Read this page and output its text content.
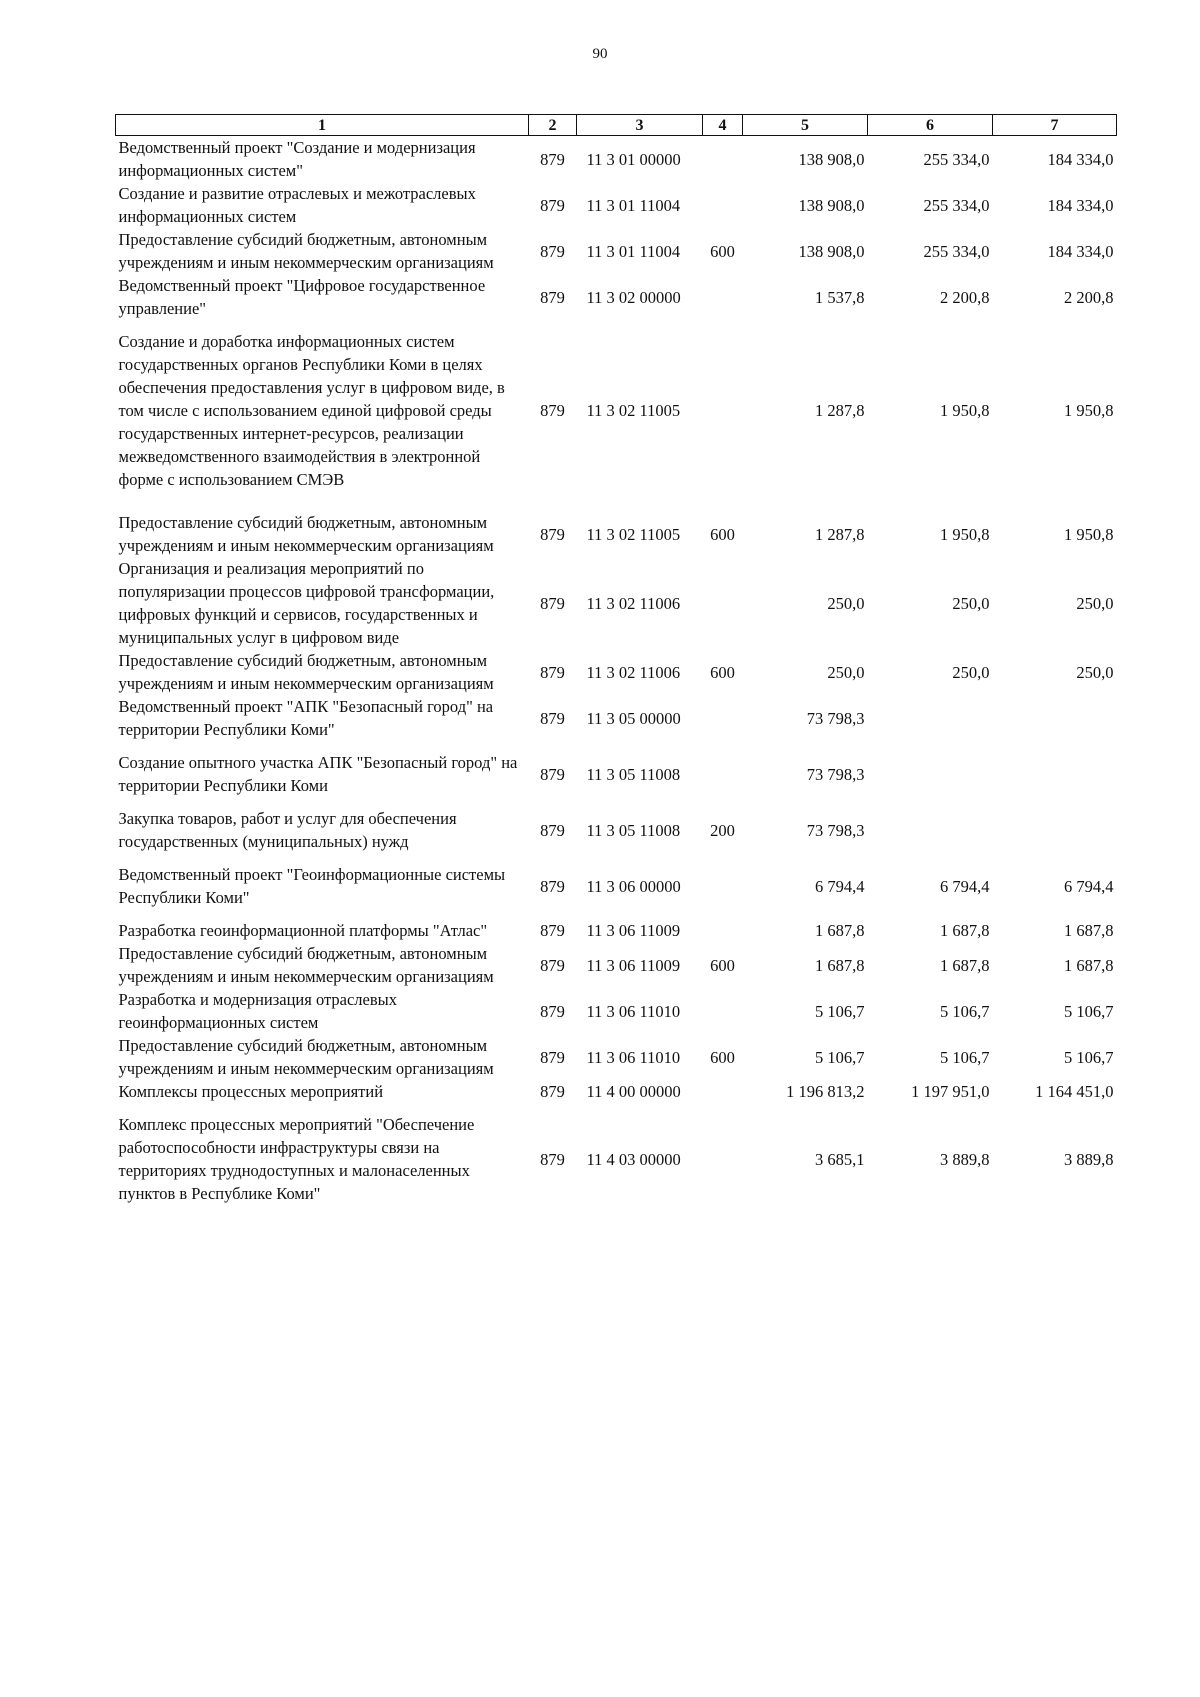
90
1	2	3	4	5	6	7
Ведомственный проект "Создание и модернизация информационных систем"	879	11 3 01 00000		138 908,0	255 334,0	184 334,0
Создание и развитие отраслевых и межотраслевых информационных систем	879	11 3 01 11004		138 908,0	255 334,0	184 334,0
Предоставление субсидий бюджетным, автономным учреждениям и иным некоммерческим организациям	879	11 3 01 11004	600	138 908,0	255 334,0	184 334,0
Ведомственный проект "Цифровое государственное управление"	879	11 3 02 00000		1 537,8	2 200,8	2 200,8
Создание и доработка информационных систем государственных органов Республики Коми в целях обеспечения предоставления услуг в цифровом виде, в том числе с использованием единой цифровой среды государственных интернет-ресурсов, реализации межведомственного взаимодействия в электронной форме с использованием СМЭВ	879	11 3 02 11005		1 287,8	1 950,8	1 950,8
Предоставление субсидий бюджетным, автономным учреждениям и иным некоммерческим организациям	879	11 3 02 11005	600	1 287,8	1 950,8	1 950,8
Организация и реализация мероприятий по популяризации процессов цифровой трансформации, цифровых функций и сервисов, государственных и муниципальных услуг в цифровом виде	879	11 3 02 11006		250,0	250,0	250,0
Предоставление субсидий бюджетным, автономным учреждениям и иным некоммерческим организациям	879	11 3 02 11006	600	250,0	250,0	250,0
Ведомственный проект "АПК "Безопасный город" на территории Республики Коми"	879	11 3 05 00000		73 798,3		
Создание опытного участка АПК "Безопасный город" на территории Республики Коми	879	11 3 05 11008		73 798,3		
Закупка товаров, работ и услуг для обеспечения государственных (муниципальных) нужд	879	11 3 05 11008	200	73 798,3		
Ведомственный проект "Геоинформационные системы Республики Коми"	879	11 3 06 00000		6 794,4	6 794,4	6 794,4
Разработка геоинформационной платформы "Атлас"	879	11 3 06 11009		1 687,8	1 687,8	1 687,8
Предоставление субсидий бюджетным, автономным учреждениям и иным некоммерческим организациям	879	11 3 06 11009	600	1 687,8	1 687,8	1 687,8
Разработка и модернизация отраслевых геоинформационных систем	879	11 3 06 11010		5 106,7	5 106,7	5 106,7
Предоставление субсидий бюджетным, автономным учреждениям и иным некоммерческим организациям	879	11 3 06 11010	600	5 106,7	5 106,7	5 106,7
Комплексы процессных мероприятий	879	11 4 00 00000		1 196 813,2	1 197 951,0	1 164 451,0
Комплекс процессных мероприятий "Обеспечение работоспособности инфраструктуры связи на территориях труднодоступных и малонаселенных пунктов в Республике Коми"	879	11 4 03 00000		3 685,1	3 889,8	3 889,8
